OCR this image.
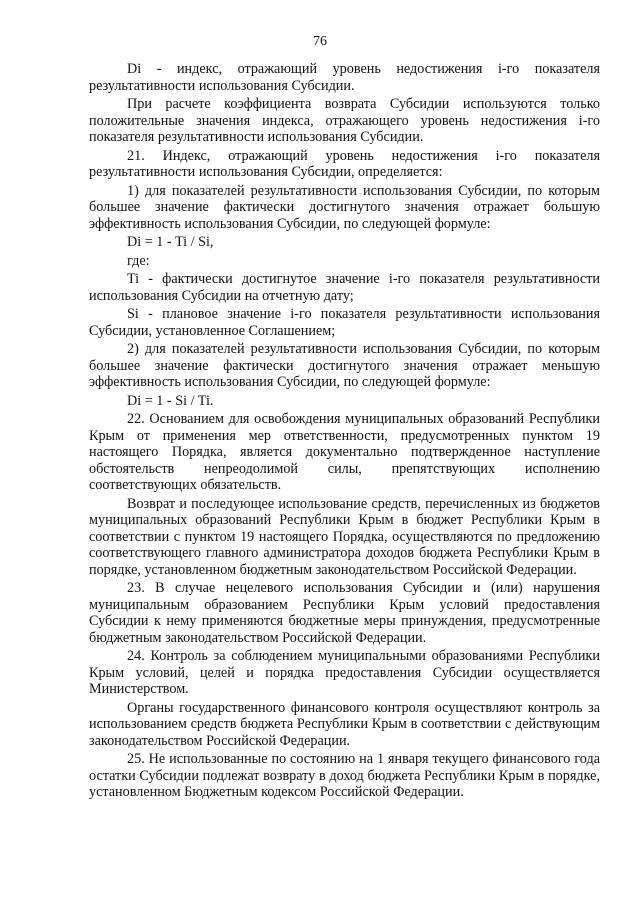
76

Di - индекс, отражающий уровень недостижения i-го показателя результативности использования Субсидии.

При расчете коэффициента возврата Субсидии используются только положительные значения индекса, отражающего уровень недостижения i-го показателя результативности использования Субсидии.

21. Индекс, отражающий уровень недостижения i-го показателя результативности использования Субсидии, определяется:

1) для показателей результативности использования Субсидии, по которым большее значение фактически достигнутого значения отражает большую эффективность использования Субсидии, по следующей формуле:

Di = 1 - Ti / Si,

где:

Ti - фактически достигнутое значение i-го показателя результативности использования Субсидии на отчетную дату;

Si - плановое значение i-го показателя результативности использования Субсидии, установленное Соглашением;

2) для показателей результативности использования Субсидии, по которым большее значение фактически достигнутого значения отражает меньшую эффективность использования Субсидии, по следующей формуле:

Di = 1 - Si / Ti.

22. Основанием для освобождения муниципальных образований Республики Крым от применения мер ответственности, предусмотренных пунктом 19 настоящего Порядка, является документально подтвержденное наступление обстоятельств непреодолимой силы, препятствующих исполнению соответствующих обязательств.

Возврат и последующее использование средств, перечисленных из бюджетов муниципальных образований Республики Крым в бюджет Республики Крым в соответствии с пунктом 19 настоящего Порядка, осуществляются по предложению соответствующего главного администратора доходов бюджета Республики Крым в порядке, установленном бюджетным законодательством Российской Федерации.

23. В случае нецелевого использования Субсидии и (или) нарушения муниципальным образованием Республики Крым условий предоставления Субсидии к нему применяются бюджетные меры принуждения, предусмотренные бюджетным законодательством Российской Федерации.

24. Контроль за соблюдением муниципальными образованиями Республики Крым условий, целей и порядка предоставления Субсидии осуществляется Министерством.

Органы государственного финансового контроля осуществляют контроль за использованием средств бюджета Республики Крым в соответствии с действующим законодательством Российской Федерации.

25. Не использованные по состоянию на 1 января текущего финансового года остатки Субсидии подлежат возврату в доход бюджета Республики Крым в порядке, установленном Бюджетным кодексом Российской Федерации.
